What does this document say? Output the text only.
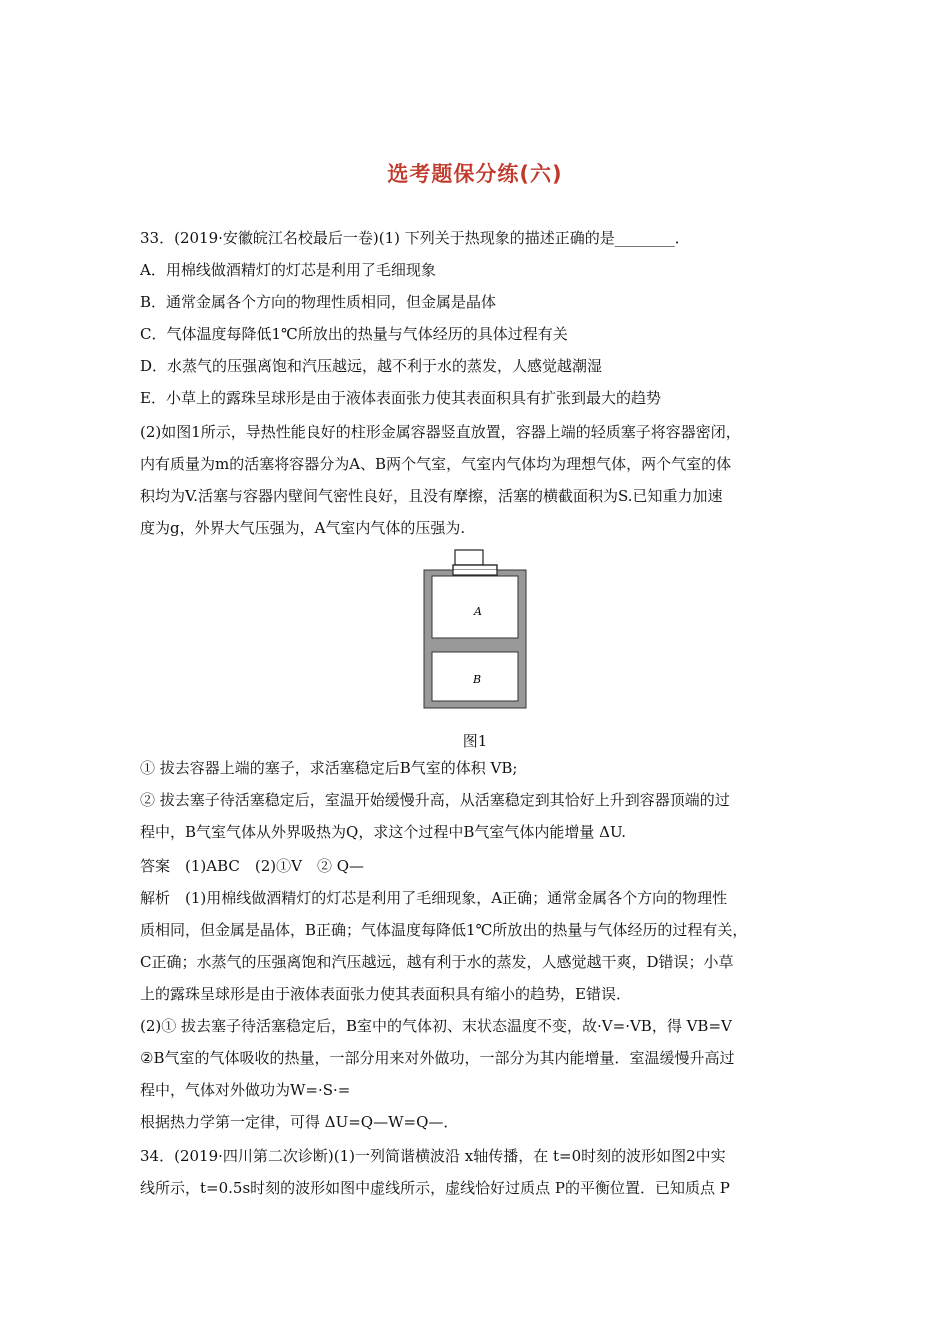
选考题保分练(六)
33．(2019·安徽皖江名校最后一卷)(1) 下列关于热现象的描述正确的是________．
A．用棉线做酒精灯的灯芯是利用了毛细现象
B．通常金属各个方向的物理性质相同，但金属是晶体
C．气体温度每降低1℃所放出的热量与气体经历的具体过程有关
D．水蒸气的压强离饱和汽压越远，越不利于水的蒸发，人感觉越潮湿
E．小草上的露珠呈球形是由于液体表面张力使其表面积具有扩张到最大的趋势
(2)如图1所示，导热性能良好的柱形金属容器竖直放置，容器上端的轻质塞子将容器密闭，
内有质量为m的活塞将容器分为A、B两个气室，气室内气体均为理想气体，两个气室的体
积均为V.活塞与容器内壁间气密性良好，且没有摩擦，活塞的横截面积为S.已知重力加速
度为g，外界大气压强为，A气室内气体的压强为.
A
B
图1
① 拔去容器上端的塞子，求活塞稳定后B气室的体积 VB;
② 拔去塞子待活塞稳定后，室温开始缓慢升高，从活塞稳定到其恰好上升到容器顶端的过
程中，B气室气体从外界吸热为Q，求这个过程中B气室气体内能增量 ΔU.
答案　(1)ABC　(2)①V　② Q—
解析　(1)用棉线做酒精灯的灯芯是利用了毛细现象，A正确；通常金属各个方向的物理性
质相同，但金属是晶体，B正确；气体温度每降低1℃所放出的热量与气体经历的过程有关，
C正确；水蒸气的压强离饱和汽压越远，越有利于水的蒸发，人感觉越干爽，D错误；小草
上的露珠呈球形是由于液体表面张力使其表面积具有缩小的趋势，E错误．
(2)① 拔去塞子待活塞稳定后，B室中的气体初、末状态温度不变，故·V=·VB，得 VB=V
②B气室的气体吸收的热量，一部分用来对外做功，一部分为其内能增量．室温缓慢升高过
程中，气体对外做功为W=·S·=
根据热力学第一定律，可得 ΔU=Q—W=Q—．
34．(2019·四川第二次诊断)(1)一列简谐横波沿 x轴传播，在 t=0时刻的波形如图2中实
线所示，t=0.5s时刻的波形如图中虚线所示，虚线恰好过质点 P的平衡位置．已知质点 P
